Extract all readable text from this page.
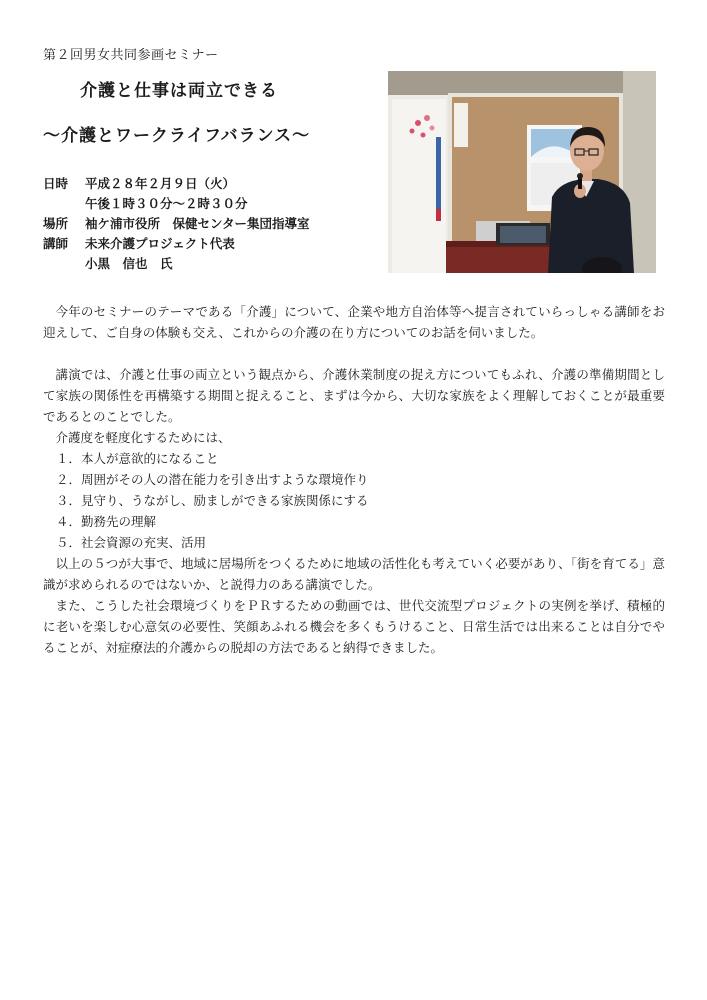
第２回男女共同参画セミナー
介護と仕事は両立できる
～介護とワークライフバランス～
日時	平成２８年２月９日（火）
午後１時３０分～２時３０分
場所	袖ケ浦市役所　保健センター集団指導室
講師	未来介護プロジェクト代表
小黒　信也　氏

今年のセミナーのテーマである「介護」について、企業や地方自治体等へ提言されていらっしゃる講師をお迎えして、ご自身の体験も交え、これからの介護の在り方についてのお話を伺いました。

講演では、介護と仕事の両立という観点から、介護休業制度の捉え方についてもふれ、介護の準備期間として家族の関係性を再構築する期間と捉えること、まずは今から、大切な家族をよく理解しておくことが最重要であるとのことでした。

介護度を軽度化するためには、

１．本人が意欲的になること

２．周囲がその人の潜在能力を引き出すような環境作り

３．見守り、うながし、励ましができる家族関係にする

４．勤務先の理解

５．社会資源の充実、活用

以上の５つが大事で、地域に居場所をつくるために地域の活性化も考えていく必要があり、「街を育てる」意識が求められるのではないか、と説得力のある講演でした。

また、こうした社会環境づくりをＰＲするための動画では、世代交流型プロジェクトの実例を挙げ、積極的に老いを楽しむ心意気の必要性、笑顔あふれる機会を多くもうけること、日常生活では出来ることは自分でやることが、対症療法的介護からの脱却の方法であると納得できました。
